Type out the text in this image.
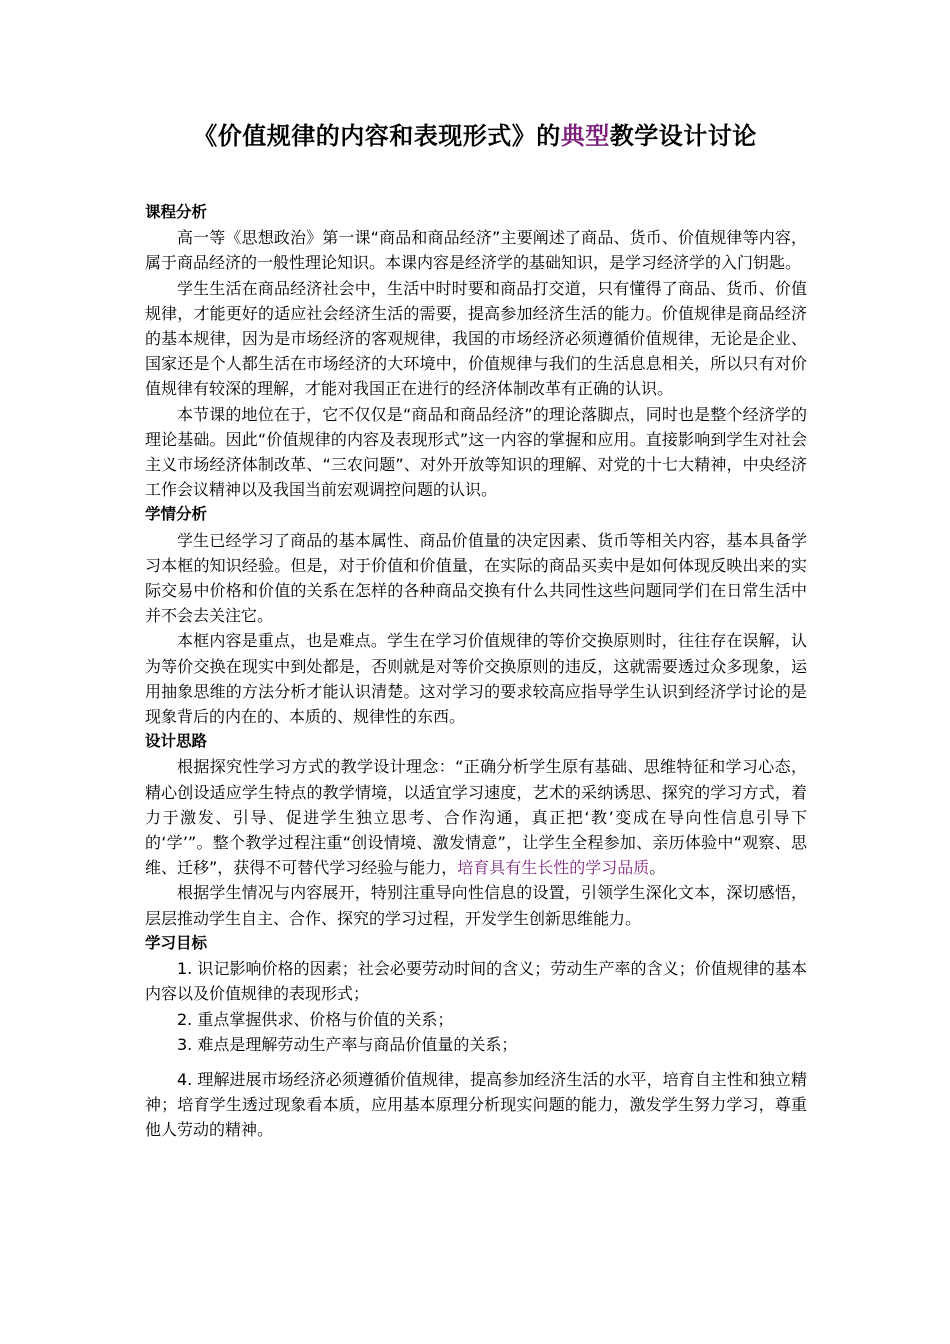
《价值规律的内容和表现形式》的典型教学设计讨论
课程分析
高一等《思想政治》第一课“商品和商品经济”主要阐述了商品、货币、价值规律等内容，属于商品经济的一般性理论知识。本课内容是经济学的基础知识，是学习经济学的入门钥匙。
学生生活在商品经济社会中，生活中时时要和商品打交道，只有懂得了商品、货币、价值规律，才能更好的适应社会经济生活的需要，提高参加经济生活的能力。价值规律是商品经济的基本规律，因为是市场经济的客观规律，我国的市场经济必须遵循价值规律，无论是企业、国家还是个人都生活在市场经济的大环境中，价值规律与我们的生活息息相关，所以只有对价值规律有较深的理解，才能对我国正在进行的经济体制改革有正确的认识。
本节课的地位在于，它不仅仅是“商品和商品经济”的理论落脚点，同时也是整个经济学的理论基础。因此“价值规律的内容及表现形式”这一内容的掌握和应用。直接影响到学生对社会主义市场经济体制改革、“三农问题”、对外开放等知识的理解、对党的十七大精神，中央经济工作会议精神以及我国当前宏观调控问题的认识。
学情分析
学生已经学习了商品的基本属性、商品价值量的决定因素、货币等相关内容，基本具备学习本框的知识经验。但是，对于价值和价值量，在实际的商品买卖中是如何体现反映出来的实际交易中价格和价值的关系在怎样的各种商品交换有什么共同性这些问题同学们在日常生活中并不会去关注它。
本框内容是重点，也是难点。学生在学习价值规律的等价交换原则时，往往存在误解，认为等价交换在现实中到处都是，否则就是对等价交换原则的违反，这就需要透过众多现象，运用抽象思维的方法分析才能认识清楚。这对学习的要求较高应指导学生认识到经济学讨论的是现象背后的内在的、本质的、规律性的东西。
设计思路
根据探究性学习方式的教学设计理念：“正确分析学生原有基础、思维特征和学习心态，精心创设适应学生特点的教学情境，以适宜学习速度，艺术的采纳诱思、探究的学习方式，着力于激发、引导、促进学生独立思考、合作沟通，真正把‘教’变成在导向性信息引导下的‘学’”。整个教学过程注重“创设情境、激发情意”，让学生全程参加、亲历体验中“观察、思维、迁移”，获得不可替代学习经验与能力，培育具有生长性的学习品质。
根据学生情况与内容展开，特别注重导向性信息的设置，引领学生深化文本，深切感悟，层层推动学生自主、合作、探究的学习过程，开发学生创新思维能力。
学习目标
1. 识记影响价格的因素；社会必要劳动时间的含义；劳动生产率的含义；价值规律的基本内容以及价值规律的表现形式；
2. 重点掌握供求、价格与价值的关系；
3. 难点是理解劳动生产率与商品价值量的关系；
4. 理解进展市场经济必须遵循价值规律，提高参加经济生活的水平，培育自主性和独立精神；培育学生透过现象看本质，应用基本原理分析现实问题的能力，激发学生努力学习，尊重他人劳动的精神。
